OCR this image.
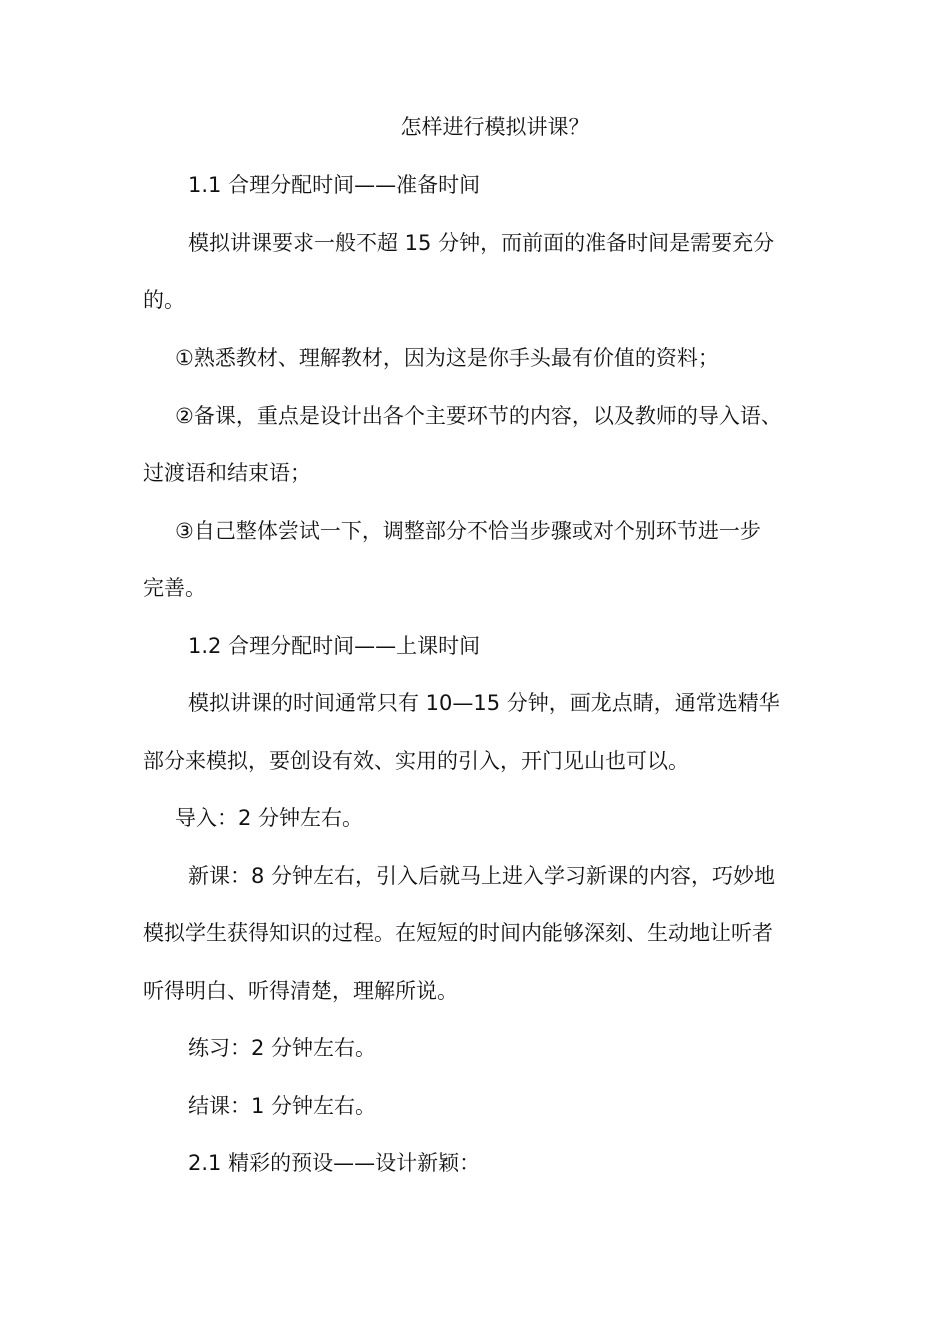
怎样进行模拟讲课？
1.1 合理分配时间——准备时间
模拟讲课要求一般不超 15 分钟，而前面的准备时间是需要充分
的。
①熟悉教材、理解教材，因为这是你手头最有价值的资料；
②备课，重点是设计出各个主要环节的内容，以及教师的导入语、
过渡语和结束语；
③自己整体尝试一下，调整部分不恰当步骤或对个别环节进一步
完善。
1.2 合理分配时间——上课时间
模拟讲课的时间通常只有 10—15 分钟，画龙点睛，通常选精华
部分来模拟，要创设有效、实用的引入，开门见山也可以。
导入：2 分钟左右。
新课：8 分钟左右，引入后就马上进入学习新课的内容，巧妙地
模拟学生获得知识的过程。在短短的时间内能够深刻、生动地让听者
听得明白、听得清楚，理解所说。
练习：2 分钟左右。
结课：1 分钟左右。
2.1 精彩的预设——设计新颖：
